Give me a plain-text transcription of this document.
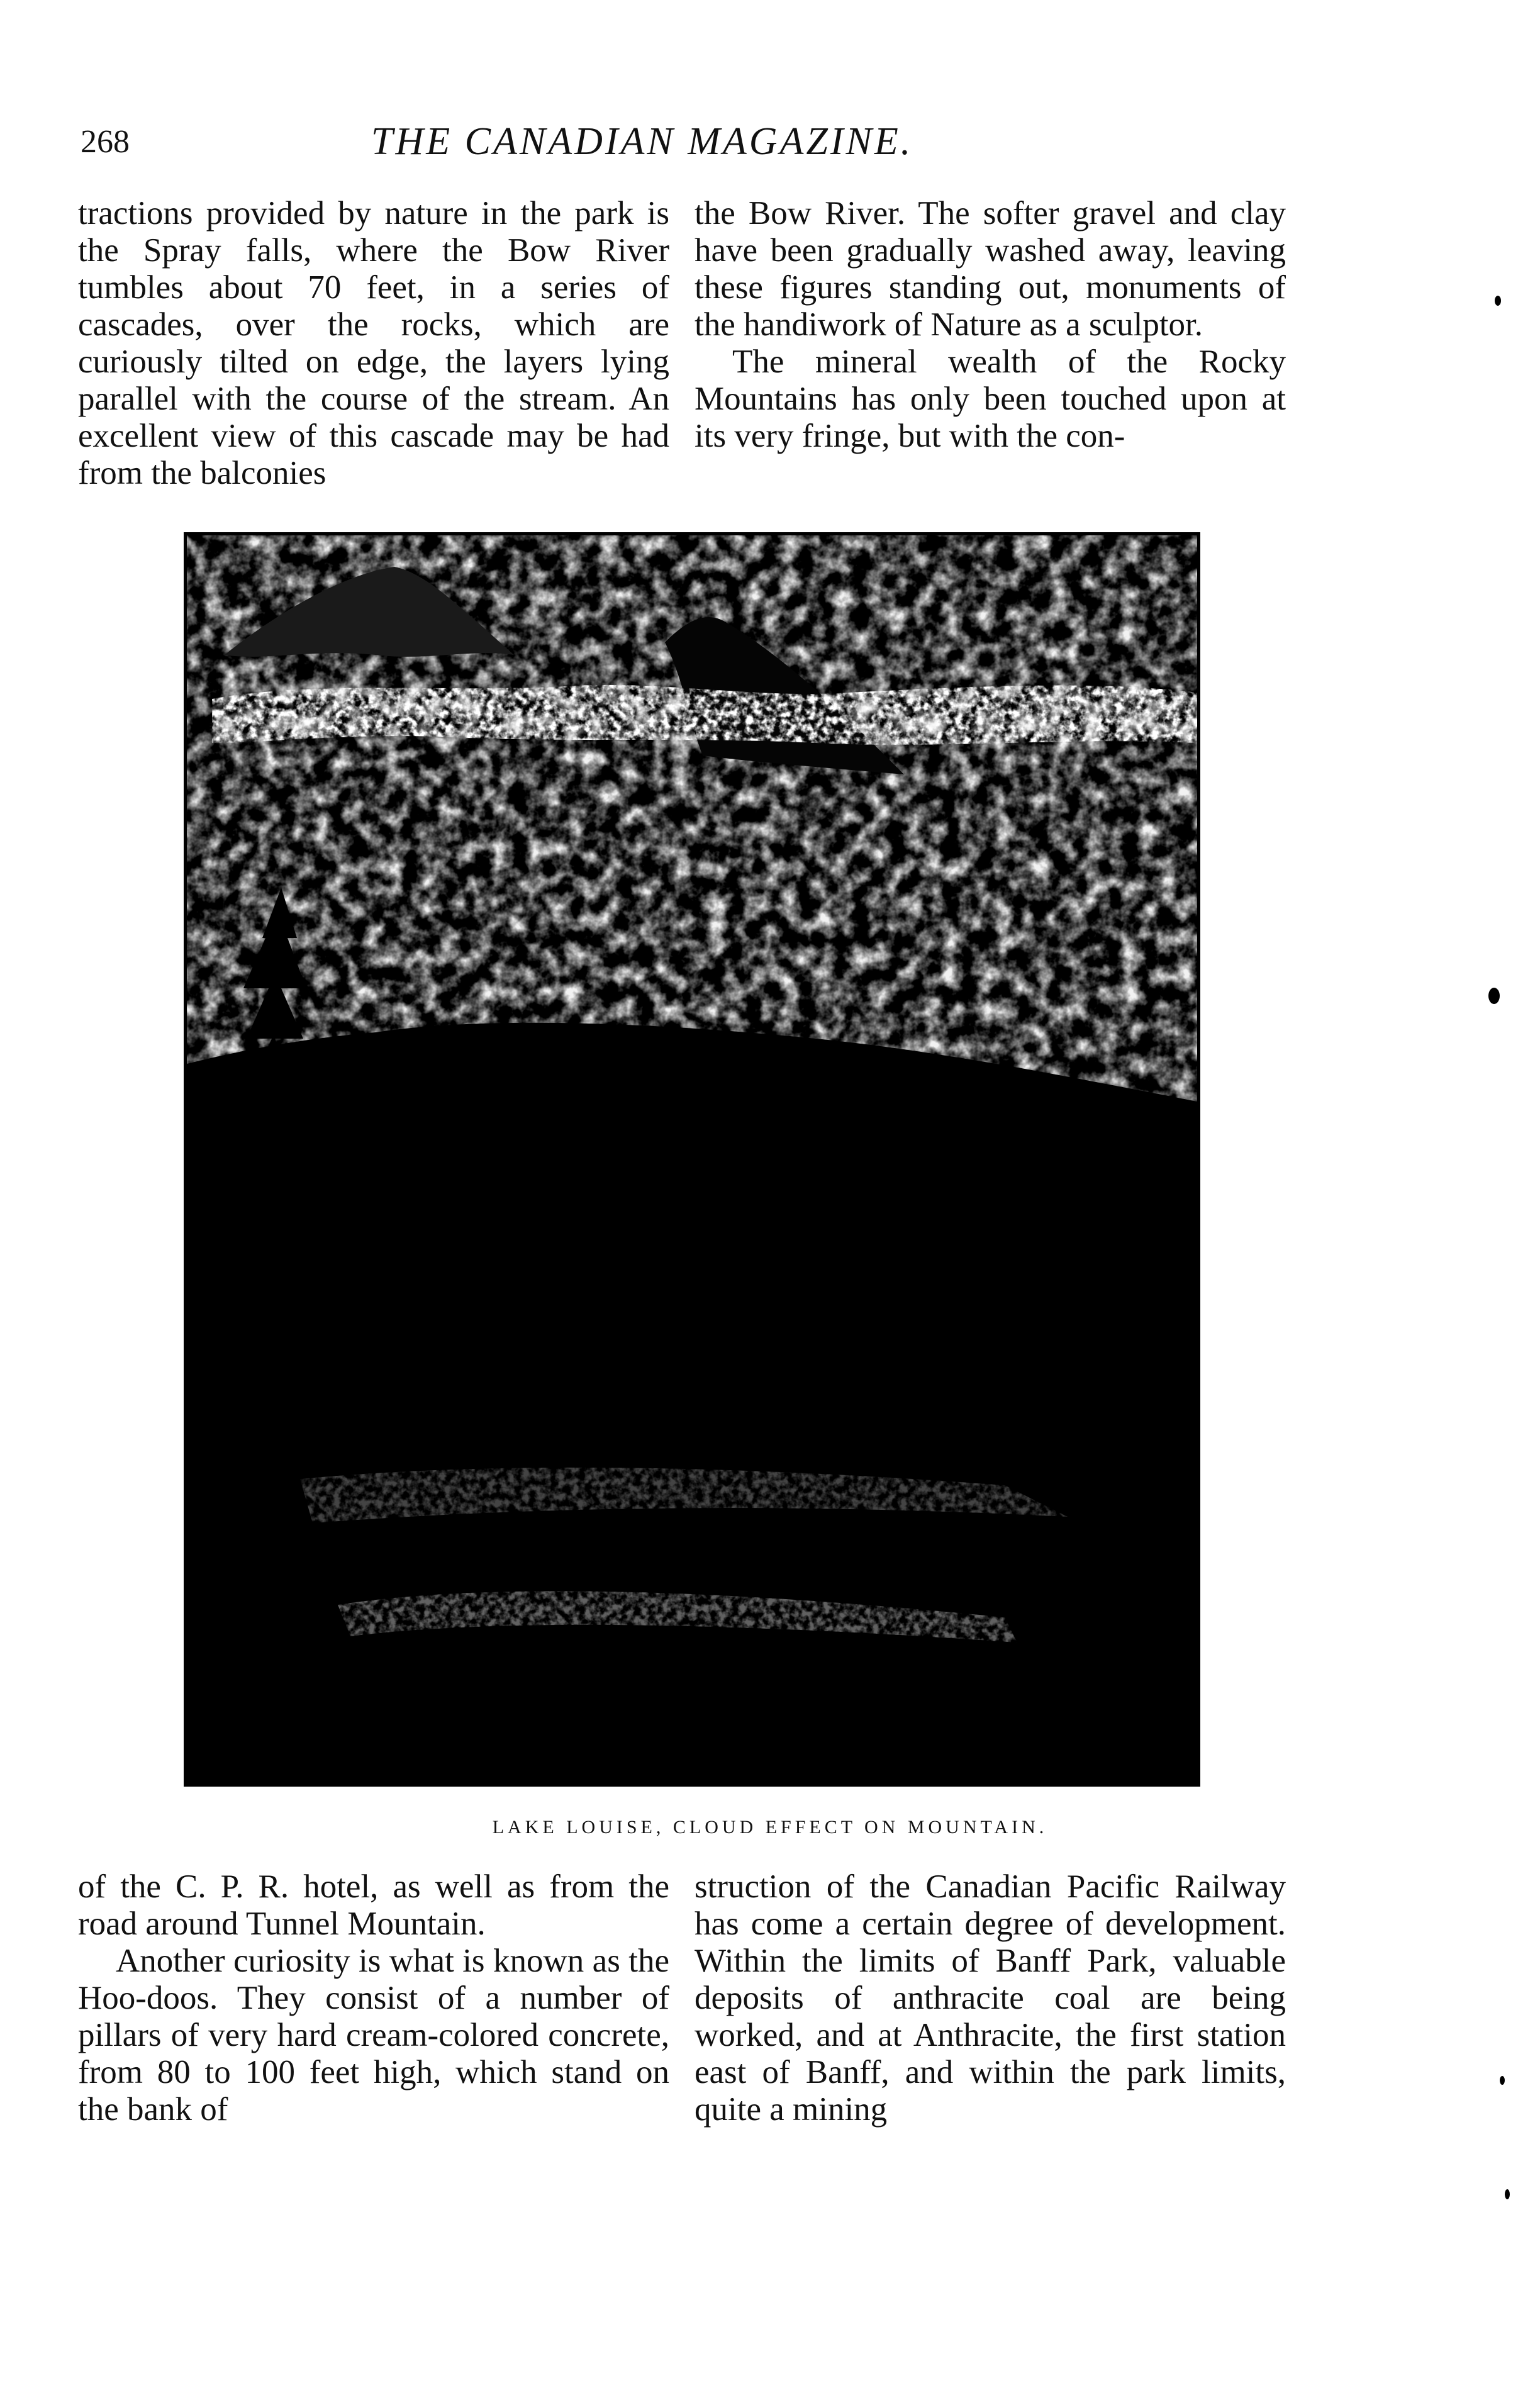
268	THE CANADIAN MAGAZINE.

tractions provided by nature in the park is the Spray falls, where the Bow River tumbles about 70 feet, in a series of cascades, over the rocks, which are curiously tilted on edge, the layers lying parallel with the course of the stream. An excellent view of this cascade may be had from the balconies

the Bow River. The softer gravel and clay have been gradually washed away, leaving these figures standing out, monuments of the handiwork of Nature as a sculptor.

The mineral wealth of the Rocky Mountains has only been touched upon at its very fringe, but with the con-

LAKE LOUISE, CLOUD EFFECT ON MOUNTAIN.

of the C. P. R. hotel, as well as from the road around Tunnel Mountain.

Another curiosity is what is known as the Hoo-doos. They consist of a number of pillars of very hard cream-colored concrete, from 80 to 100 feet high, which stand on the bank of

struction of the Canadian Pacific Railway has come a certain degree of development. Within the limits of Banff Park, valuable deposits of anthracite coal are being worked, and at Anthracite, the first station east of Banff, and within the park limits, quite a mining
